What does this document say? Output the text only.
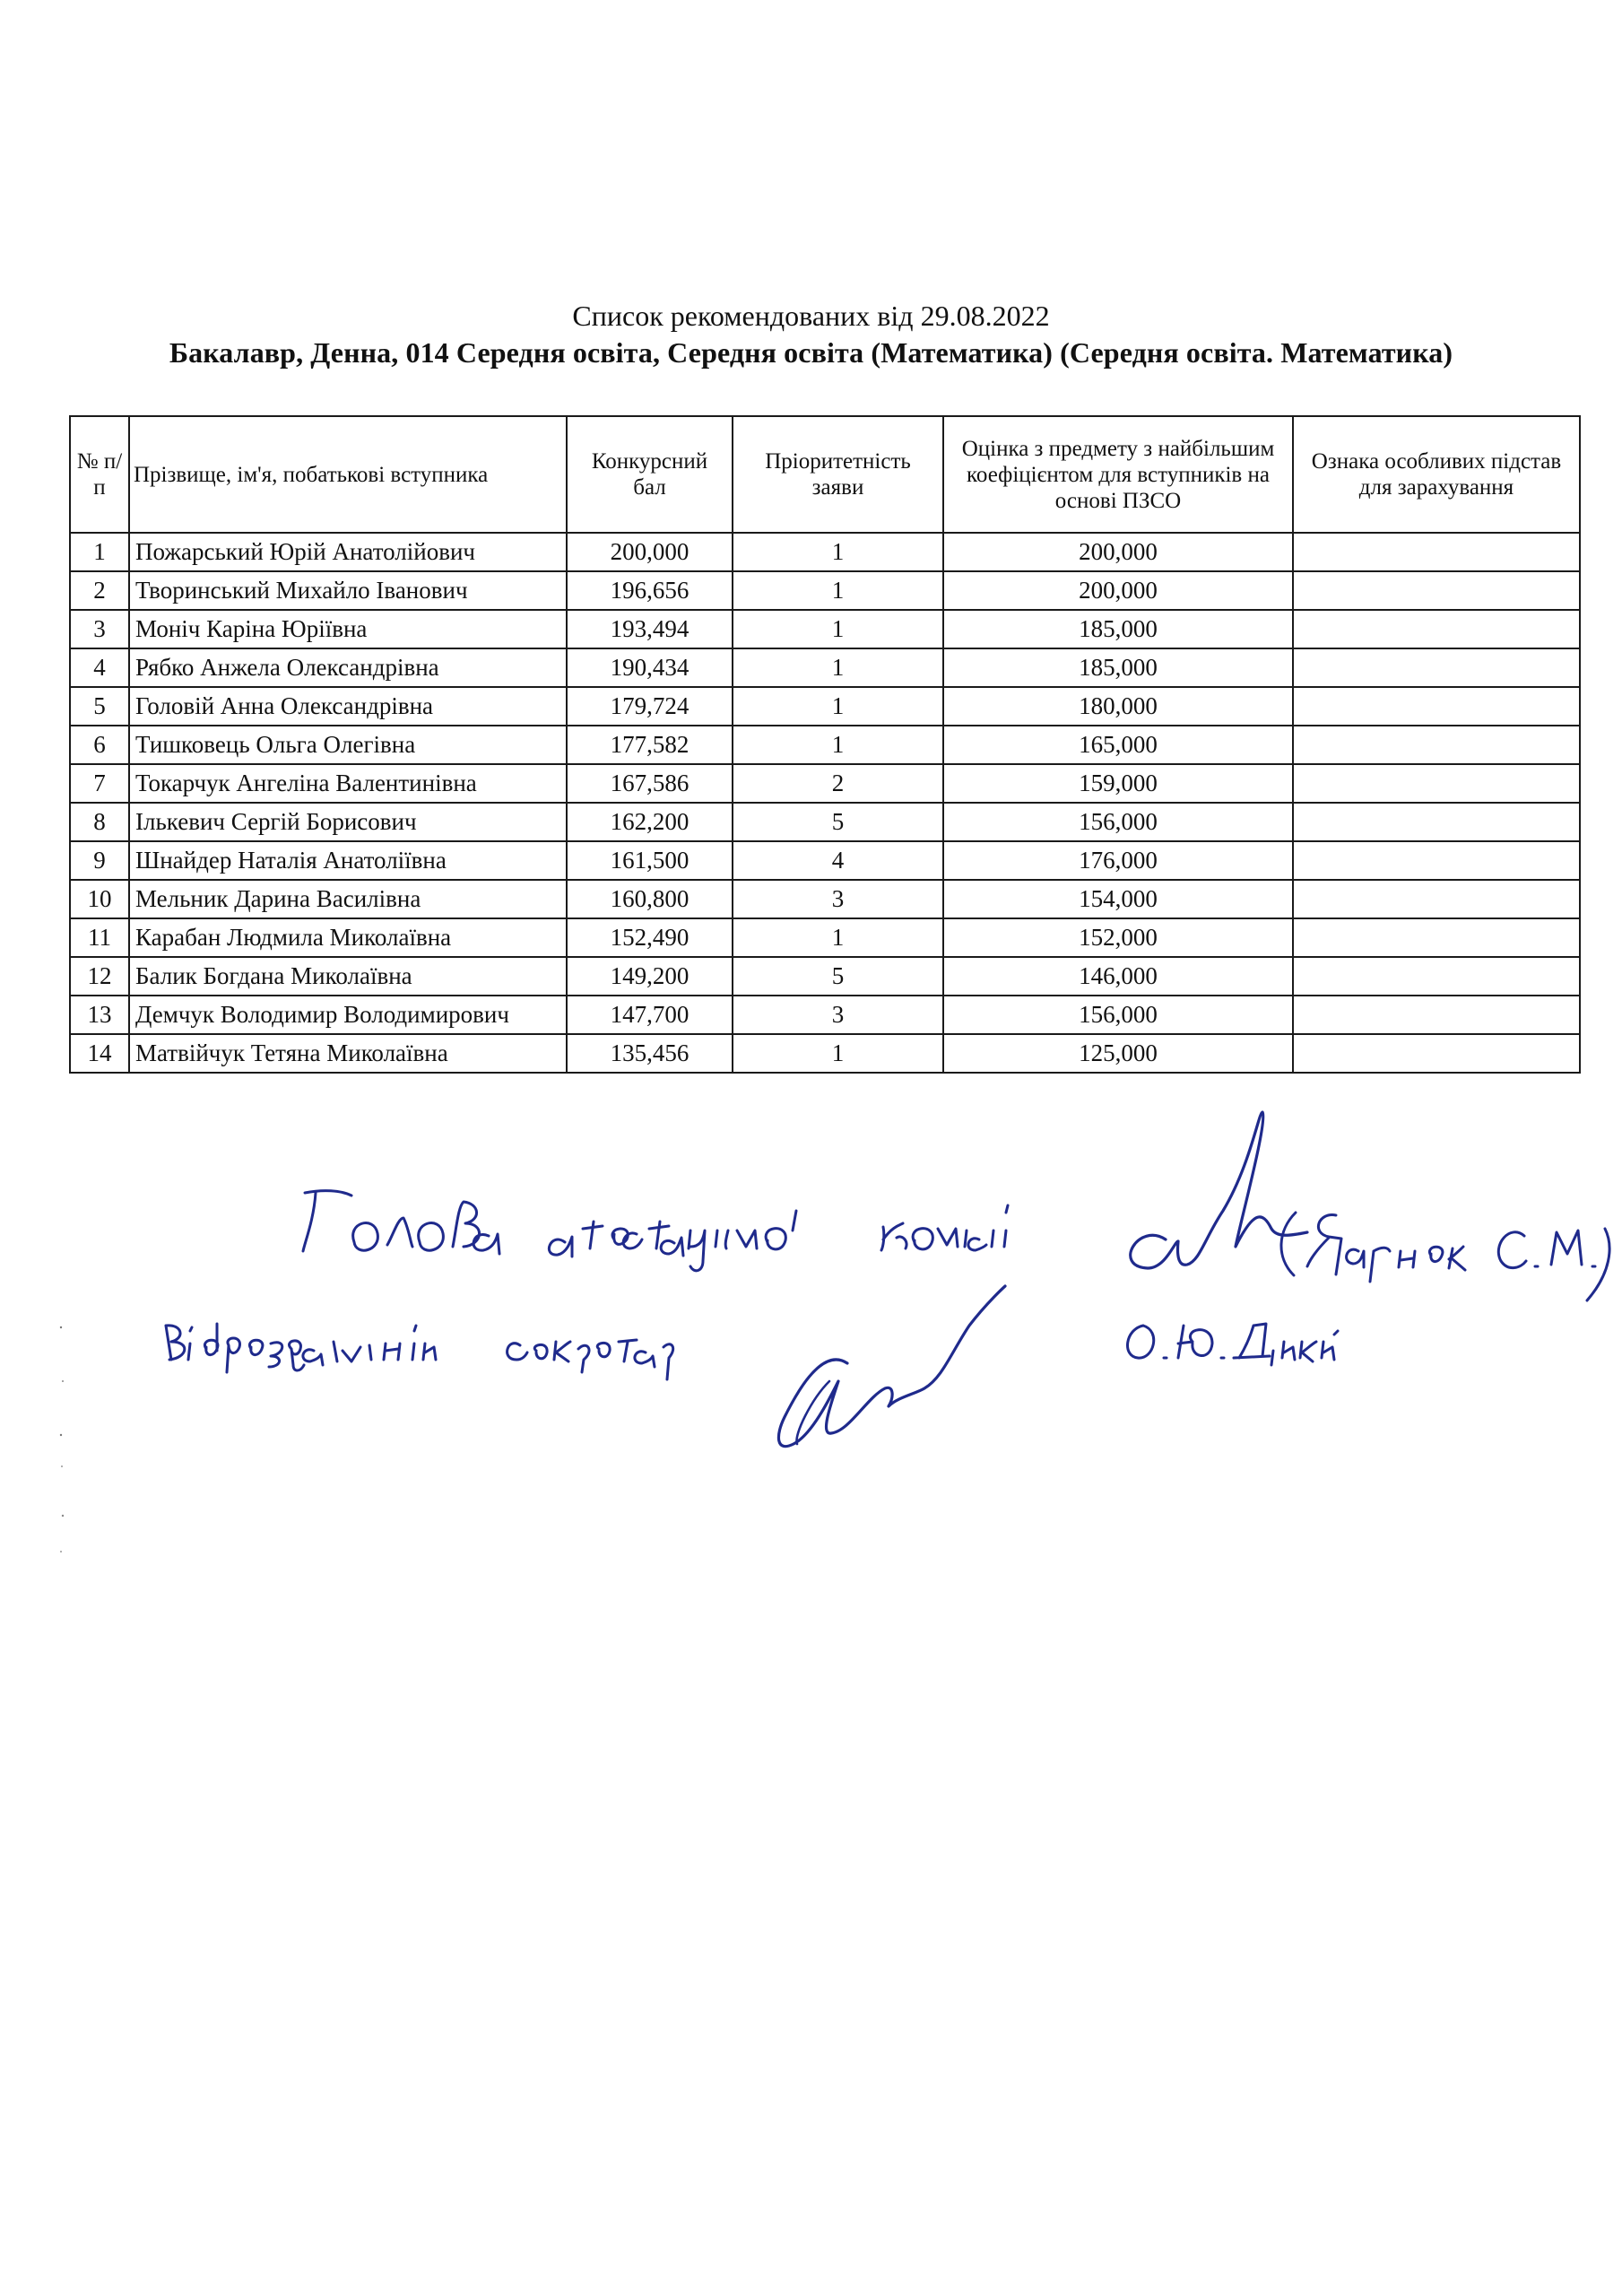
Список рекомендованих від 29.08.2022
Бакалавр, Денна, 014 Середня освіта, Середня освіта (Математика) (Середня освіта. Математика)
№ п/п	Прізвище, ім'я, побатькові вступника	Конкурсний бал	Пріоритетність заяви	Оцінка з предмету з найбільшим коефіцієнтом для вступників на основі ПЗСО	Ознака особливих підстав для зарахування
1	Пожарський Юрій Анатолійович	200,000	1	200,000	
2	Творинський Михайло Іванович	196,656	1	200,000	
3	Моніч Каріна Юріївна	193,494	1	185,000	
4	Рябко Анжела Олександрівна	190,434	1	185,000	
5	Головій Анна Олександрівна	179,724	1	180,000	
6	Тишковець Ольга Олегівна	177,582	1	165,000	
7	Токарчук Ангеліна Валентинівна	167,586	2	159,000	
8	Ількевич Сергій Борисович	162,200	5	156,000	
9	Шнайдер Наталія Анатоліївна	161,500	4	176,000	
10	Мельник Дарина Василівна	160,800	3	154,000	
11	Карабан Людмила Миколаївна	152,490	1	152,000	
12	Балик Богдана Миколаївна	149,200	5	146,000	
13	Демчук Володимир Володимирович	147,700	3	156,000	
14	Матвійчук Тетяна Миколаївна	135,456	1	125,000	
